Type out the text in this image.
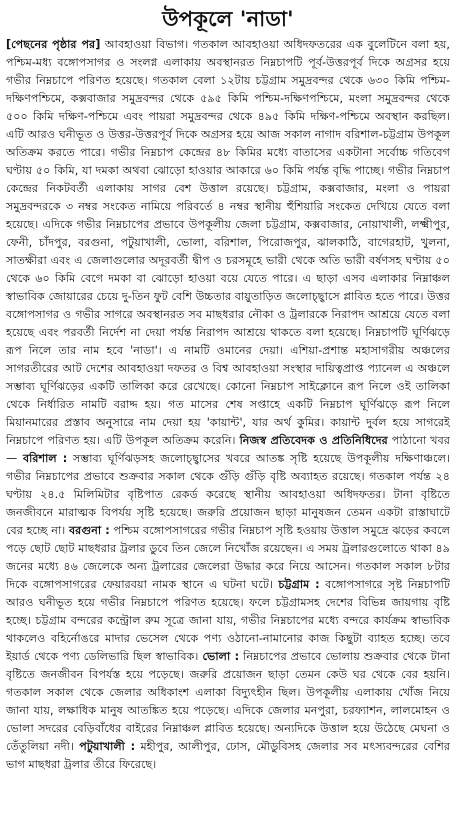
উপকূলে 'নাডা'
[পেছনের পৃষ্ঠার পর] আবহাওয়া বিভাগ। গতকাল আবহাওয়া অধিদফতরের এক বুলেটিনে বলা হয়, পশ্চিম-মধ্য বঙ্গোপসাগর ও সংলগ্ন এলাকায় অবস্থানরত নিম্নচাপটি পূর্ব-উত্তরপূর্ব দিকে অগ্রসর হয়ে গভীর নিম্নচাপে পরিণত হয়েছে। গতকাল বেলা ১২টায় চট্টগ্রাম সমুদ্রবন্দর থেকে ৬৩০ কিমি পশ্চিম-দক্ষিণপশ্চিমে, কক্সবাজার সমুদ্রবন্দর থেকে ৫৯৫ কিমি পশ্চিম-দক্ষিণপশ্চিমে, মংলা সমুদ্রবন্দর থেকে ৫০০ কিমি দক্ষিণ-পশ্চিমে এবং পায়রা সমুদ্রবন্দর থেকে ৪৯৫ কিমি দক্ষিণ-পশ্চিমে অবস্থান করছিল। এটি আরও ঘনীভূত ও উত্তর-উত্তরপূর্ব দিকে অগ্রসর হয়ে আজ সকাল নাগাদ বরিশাল-চট্টগ্রাম উপকূল অতিক্রম করতে পারে। গভীর নিম্নচাপ কেন্দ্রের ৪৮ কিমির মধ্যে বাতাসের একটানা সর্বোচ্চ গতিবেগ ঘণ্টায় ৫০ কিমি, যা দমকা অথবা ঝোড়ো হাওয়ার আকারে ৬০ কিমি পর্যন্ত বৃদ্ধি পাচ্ছে। গভীর নিম্নচাপ কেন্দ্রের নিকটবর্তী এলাকায় সাগর বেশ উত্তাল রয়েছে। চট্টগ্রাম, কক্সবাজার, মংলা ও পায়রা সমুদ্রবন্দরকে ৩ নম্বর সংকেত নামিয়ে পরিবর্তে ৪ নম্বর স্থানীয় হুঁশিয়ারি সংকেত দেখিয়ে যেতে বলা হয়েছে। এদিকে গভীর নিম্নচাপের প্রভাবে উপকূলীয় জেলা চট্টগ্রাম, কক্সবাজার, নোয়াখালী, লক্ষ্মীপুর, ফেনী, চাঁদপুর, বরগুনা, পটুয়াখালী, ভোলা, বরিশাল, পিরোজপুর, ঝালকাঠি, বাগেরহাট, খুলনা, সাতক্ষীরা এবং এ জেলাগুলোর অদূরবর্তী দ্বীপ ও চরসমূহে ভারী থেকে অতি ভারী বর্ষণসহ ঘণ্টায় ৫০ থেকে ৬০ কিমি বেগে দমকা বা ঝোড়ো হাওয়া বয়ে যেতে পারে। এ ছাড়া এসব এলাকার নিম্নাঞ্চল স্বাভাবিক জোয়ারের চেয়ে দু-তিন ফুট বেশি উচ্চতার বায়ুতাড়িত জলোচ্ছ্বাসে প্লাবিত হতে পারে। উত্তর বঙ্গোপসাগর ও গভীর সাগরে অবস্থানরত সব মাছধরার নৌকা ও ট্রলারকে নিরাপদ আশ্রয়ে যেতে বলা হয়েছে এবং পরবর্তী নির্দেশ না দেয়া পর্যন্ত নিরাপদ আশ্রয়ে থাকতে বলা হয়েছে। নিম্নচাপটি ঘূর্ণিঝড়ে রূপ নিলে তার নাম হবে 'নাডা'। এ নামটি ওমানের দেয়া। এশিয়া-প্রশান্ত মহাসাগরীয় অঞ্চলের সাগরতীরের আট দেশের আবহাওয়া দফতর ও বিশ্ব আবহাওয়া সংস্থার দায়িত্বপ্রাপ্ত প্যানেল এ অঞ্চলে সম্ভাব্য ঘূর্ণিঝড়ের একটি তালিকা করে রেখেছে। কোনো নিম্নচাপ সাইক্লোনে রূপ নিলে ওই তালিকা থেকে নির্ধারিত নামটি বরাদ্দ হয়। গত মাসের শেষ সপ্তাহে একটি নিম্নচাপ ঘূর্ণিঝড়ে রূপ নিলে মিয়ানমারের প্রস্তাব অনুসারে নাম দেয়া হয় 'কায়ান্ট', যার অর্থ কুমির। কায়ান্ট দুর্বল হয়ে সাগরেই নিম্নচাপে পরিণত হয়। এটি উপকূল অতিক্রম করেনি। নিজস্ব প্রতিবেদক ও প্রতিনিধিদের পাঠানো খবর— বরিশাল : সম্ভাব্য ঘূর্ণিঝড়সহ জলোচ্ছ্বাসের খবরে আতঙ্ক সৃষ্টি হয়েছে উপকূলীয় দক্ষিণাঞ্চলে। গভীর নিম্নচাপের প্রভাবে শুক্রবার সকাল থেকে গুঁড়ি গুঁড়ি বৃষ্টি অব্যাহত রয়েছে। গতকাল পর্যন্ত ২৪ ঘণ্টায় ২৪.৫ মিলিমিটার বৃষ্টিপাত রেকর্ড করেছে স্থানীয় আবহাওয়া অধিদফতর। টানা বৃষ্টিতে জনজীবনে মারাত্মক বিপর্যয় সৃষ্টি হয়েছে। জরুরি প্রয়োজন ছাড়া মানুষজন তেমন একটা রাস্তাঘাটে বের হচ্ছে না। বরগুনা : পশ্চিম বঙ্গোপসাগরের গভীর নিম্নচাপ সৃষ্টি হওয়ায় উত্তাল সমুদ্রে ঝড়ের কবলে পড়ে ছোট ছোট মাছধরার ট্রলার ডুবে তিন জেলে নিখোঁজ রয়েছেন। এ সময় ট্রলারগুলোতে থাকা ৪৯ জনের মধ্যে ৪৬ জেলেকে অন্য ট্রলারের জেলেরা উদ্ধার করে নিয়ে আসেন। গতকাল সকাল ৮টার দিকে বঙ্গোপসাগরের ফেয়ারবয়া নামক স্থানে এ ঘটনা ঘটে। চট্টগ্রাম : বঙ্গোপসাগরে সৃষ্ট নিম্নচাপটি আরও ঘনীভূত হয়ে গভীর নিম্নচাপে পরিণত হয়েছে। ফলে চট্টগ্রামসহ দেশের বিভিন্ন জায়গায় বৃষ্টি হচ্ছে। চট্টগ্রাম বন্দরের কন্ট্রোল রুম সূত্রে জানা যায়, গভীর নিম্নচাপের মধ্যে বন্দরে কার্যক্রম স্বাভাবিক থাকলেও বহির্নোঙরে মাদার ভেসেল থেকে পণ্য ওঠানো-নামানোর কাজ কিছুটা ব্যাহত হচ্ছে। তবে ইয়ার্ড থেকে পণ্য ডেলিভারি ছিল স্বাভাবিক। ভোলা : নিম্নচাপের প্রভাবে ভোলায় শুক্রবার থেকে টানা বৃষ্টিতে জনজীবন বিপর্যস্ত হয়ে পড়েছে। জরুরি প্রয়োজন ছাড়া তেমন কেউ ঘর থেকে বের হয়নি। গতকাল সকাল থেকে জেলার অধিকাংশ এলাকা বিদ্যুৎহীন ছিল। উপকূলীয় এলাকায় খোঁজ নিয়ে জানা যায়, লক্ষাধিক মানুষ আতঙ্কিত হয়ে পড়েছে। এদিকে জেলার মনপুরা, চরফ্যাশন, লালমোহন ও ভোলা সদরের বেড়িবাঁধের বাইরের নিম্নাঞ্চল প্লাবিত হয়েছে। অন্যদিকে উত্তাল হয়ে উঠেছে মেঘনা ও তেঁতুলিয়া নদী। পটুয়াখালী : মহীপুর, আলীপুর, ঢোস, মৌডুবিসহ জেলার সব মৎস্যবন্দরের বেশির ভাগ মাছধরা ট্রলার তীরে ফিরেছে।
